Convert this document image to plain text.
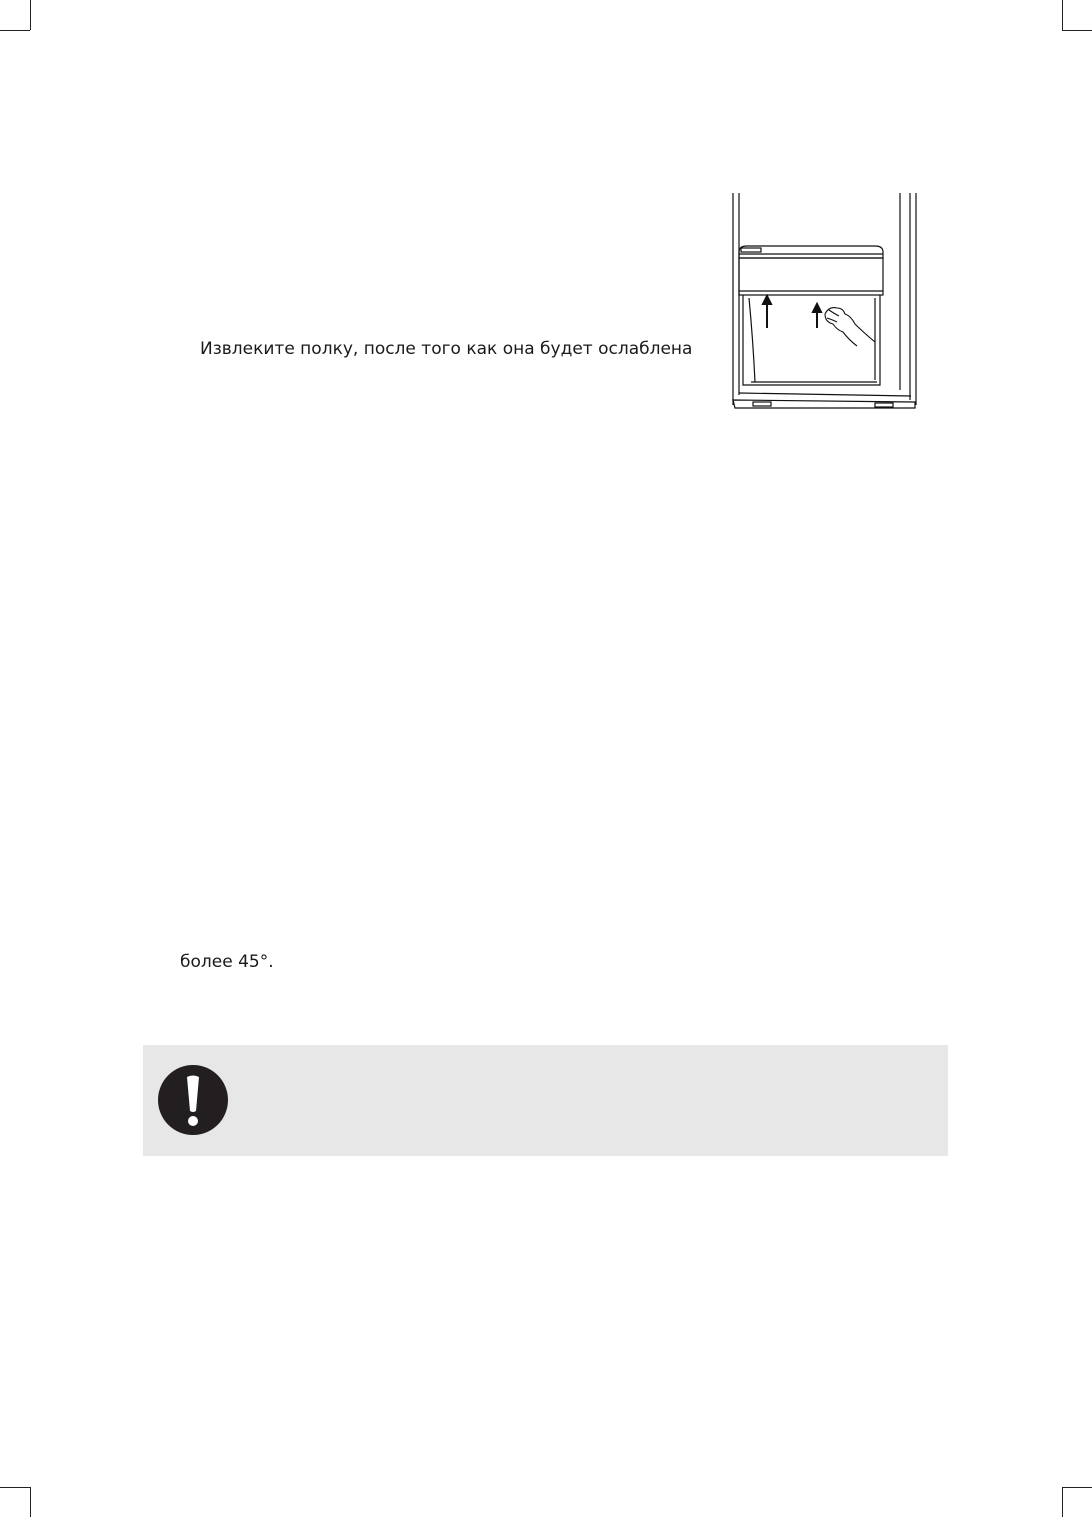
Извлеките полку, после того как она будет ослаблена
более 45°.
